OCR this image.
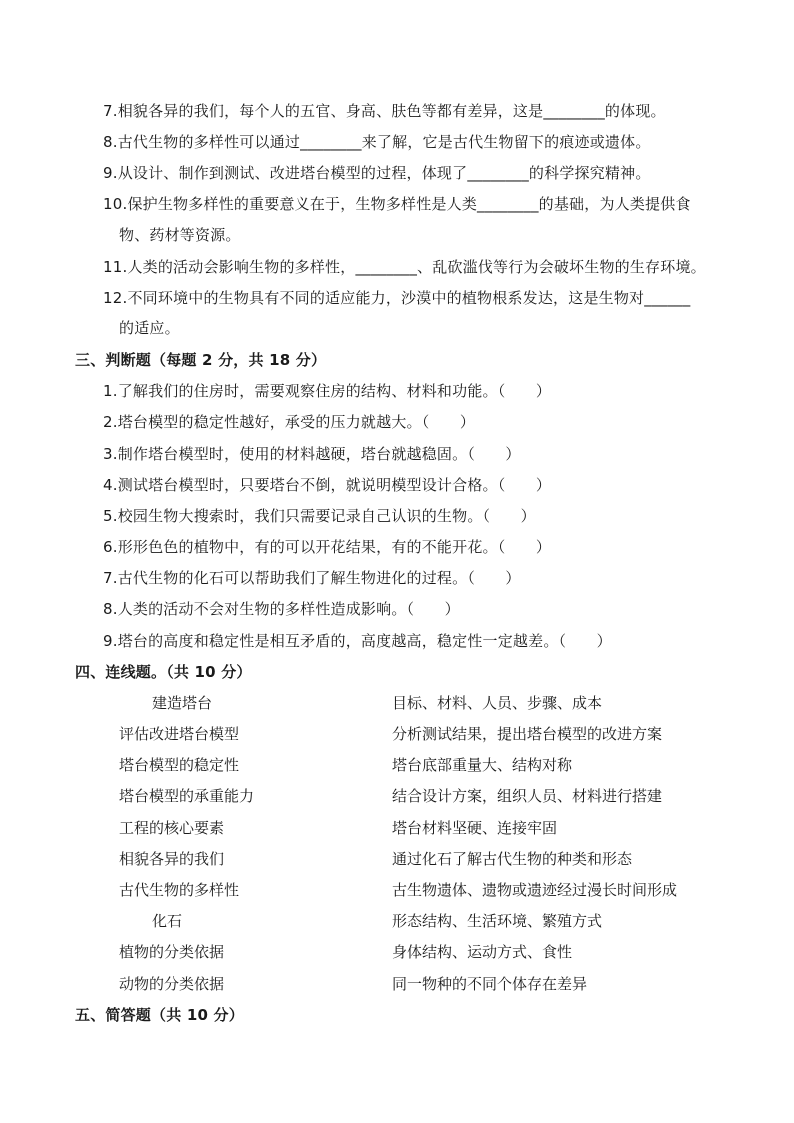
7.相貌各异的我们，每个人的五官、身高、肤色等都有差异，这是________的体现。
8.古代生物的多样性可以通过________来了解，它是古代生物留下的痕迹或遗体。
9.从设计、制作到测试、改进塔台模型的过程，体现了________的科学探究精神。
10.保护生物多样性的重要意义在于，生物多样性是人类________的基础，为人类提供食
物、药材等资源。
11.人类的活动会影响生物的多样性，________、乱砍滥伐等行为会破坏生物的生存环境。
12.不同环境中的生物具有不同的适应能力，沙漠中的植物根系发达，这是生物对______
的适应。
三、判断题（每题 2 分，共 18 分）
1.了解我们的住房时，需要观察住房的结构、材料和功能。（　　）
2.塔台模型的稳定性越好，承受的压力就越大。（　　）
3.制作塔台模型时，使用的材料越硬，塔台就越稳固。（　　）
4.测试塔台模型时，只要塔台不倒，就说明模型设计合格。（　　）
5.校园生物大搜索时，我们只需要记录自己认识的生物。（　　）
6.形形色色的植物中，有的可以开花结果，有的不能开花。（　　）
7.古代生物的化石可以帮助我们了解生物进化的过程。（　　）
8.人类的活动不会对生物的多样性造成影响。（　　）
9.塔台的高度和稳定性是相互矛盾的，高度越高，稳定性一定越差。（　　）
四、连线题。（共 10 分）
建造塔台
评估改进塔台模型
塔台模型的稳定性
塔台模型的承重能力
工程的核心要素
相貌各异的我们
古代生物的多样性
化石
植物的分类依据
动物的分类依据
目标、材料、人员、步骤、成本
分析测试结果，提出塔台模型的改进方案
塔台底部重量大、结构对称
结合设计方案，组织人员、材料进行搭建
塔台材料坚硬、连接牢固
通过化石了解古代生物的种类和形态
古生物遗体、遗物或遗迹经过漫长时间形成
形态结构、生活环境、繁殖方式
身体结构、运动方式、食性
同一物种的不同个体存在差异
五、简答题（共 10 分）
